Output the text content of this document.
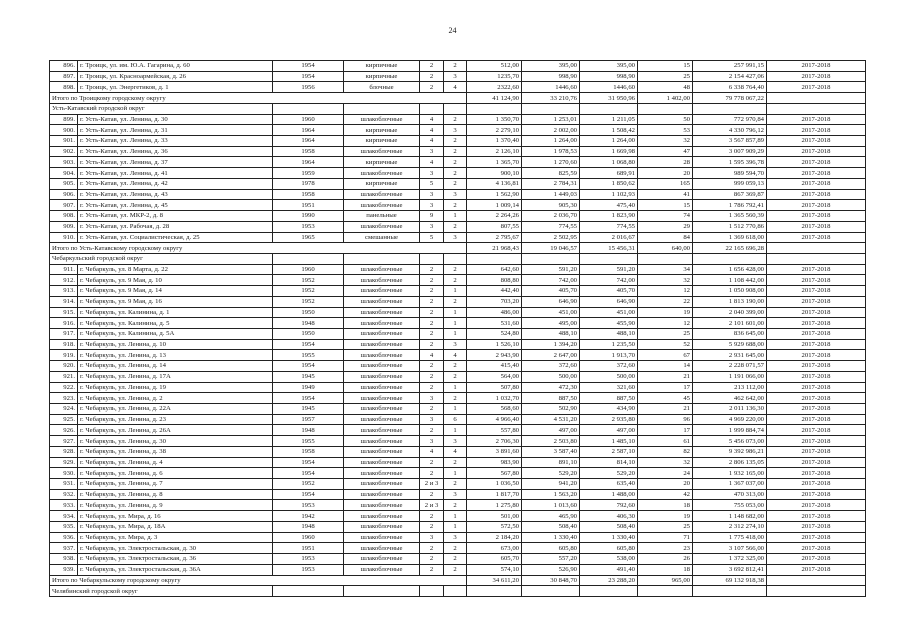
24
896.	г. Троицк, ул. им. Ю.А. Гагарина, д. 60	1954	кирпичные	2	2	512,00	395,00	395,00	15	257 991,15	2017-2018
897.	г. Троицк, ул. Красноармейская, д. 26	1954	кирпичные	2	3	1235,70	998,90	998,90	25	2 154 427,06	2017-2018
898.	г. Троицк, ул. Энергетиков, д. 1	1956	блочные	2	4	2322,60	1446,60	1446,60	48	6 338 764,40	2017-2018
Итого по Троицкому городскому округу						41 124,90	33 210,76	31 950,96	1 402,00	79 778 067,22	
Усть-Катавский городской округ											
899.	г. Усть-Катав, ул. Ленина, д. 30	1960	шлакоблочные	4	2	1 350,70	1 253,01	1 211,05	50	772 970,84	2017-2018
900.	г. Усть-Катав, ул. Ленина, д. 31	1964	кирпичные	4	3	2 279,10	2 002,00	1 508,42	53	4 330 796,12	2017-2018
901.	г. Усть-Катав, ул. Ленина, д. 33	1964	кирпичные	4	2	1 370,40	1 264,00	1 264,00	32	3 567 857,89	2017-2018
902.	г. Усть-Катав, ул. Ленина, д. 36	1958	шлакоблочные	3	2	2 126,10	1 978,53	1 669,98	47	3 007 909,29	2017-2018
903.	г. Усть-Катав, ул. Ленина, д. 37	1964	кирпичные	4	2	1 365,70	1 270,60	1 068,80	28	1 595 396,78	2017-2018
904.	г. Усть-Катав, ул. Ленина, д. 41	1959	шлакоблочные	3	2	900,10	825,59	689,91	20	989 594,70	2017-2018
905.	г. Усть-Катав, ул. Ленина, д. 42	1978	кирпичные	5	2	4 136,81	2 784,31	1 850,62	165	999 059,13	2017-2018
906.	г. Усть-Катав, ул. Ленина, д. 43	1958	шлакоблочные	3	3	1 562,90	1 449,03	1 102,93	41	867 369,87	2017-2018
907.	г. Усть-Катав, ул. Ленина, д. 45	1951	шлакоблочные	3	2	1 009,14	905,30	475,40	15	1 786 792,41	2017-2018
908.	г. Усть-Катав, ул. МКР-2, д. 8	1990	панельные	9	1	2 264,26	2 036,70	1 823,90	74	1 365 560,39	2017-2018
909.	г. Усть-Катав, ул. Рабочая, д. 28	1953	шлакоблочные	3	2	807,55	774,55	774,55	29	1 512 770,86	2017-2018
910.	г. Усть-Катав, ул. Социалистическая, д. 25	1965	смешанные	5	3	2 795,67	2 502,95	2 016,67	84	1 369 618,00	2017-2018
Итого по Усть-Катавскому городскому округу						21 968,43	19 046,57	15 456,31	640,00	22 165 696,28	
Чебаркульский городской округ											
911.	г. Чебаркуль, ул. 8 Марта, д. 22	1960	шлакоблочные	2	2	642,60	591,20	591,20	34	1 656 428,00	2017-2018
912.	г. Чебаркуль, ул. 9 Мая, д. 10	1952	шлакоблочные	2	2	808,80	742,00	742,00	32	1 108 442,00	2017-2018
913.	г. Чебаркуль, ул. 9 Мая, д. 14	1952	шлакоблочные	2	1	442,40	405,70	405,70	12	1 050 908,00	2017-2018
914.	г. Чебаркуль, ул. 9 Мая, д. 16	1952	шлакоблочные	2	2	703,20	646,90	646,90	22	1 813 190,00	2017-2018
915.	г. Чебаркуль, ул. Калинина, д. 1	1950	шлакоблочные	2	1	486,00	451,00	451,00	19	2 040 399,00	2017-2018
916.	г. Чебаркуль, ул. Калинина, д. 5	1948	шлакоблочные	2	1	531,60	495,00	455,90	12	2 101 601,00	2017-2018
917.	г. Чебаркуль, ул. Калинина, д. 5А	1950	шлакоблочные	2	1	524,80	488,10	488,10	25	836 645,00	2017-2018
918.	г. Чебаркуль, ул. Ленина, д. 10	1954	шлакоблочные	2	3	1 526,10	1 394,20	1 235,50	52	5 929 688,00	2017-2018
919.	г. Чебаркуль, ул. Ленина, д. 13	1955	шлакоблочные	4	4	2 943,90	2 647,00	1 913,70	67	2 931 645,00	2017-2018
920.	г. Чебаркуль, ул. Ленина, д. 14	1954	шлакоблочные	2	2	415,40	372,60	372,60	14	2 228 071,57	2017-2018
921.	г. Чебаркуль, ул. Ленина, д. 17А	1945	шлакоблочные	2	2	564,00	500,00	500,00	21	1 191 066,00	2017-2018
922.	г. Чебаркуль, ул. Ленина, д. 19	1949	шлакоблочные	2	1	507,80	472,30	321,60	17	213 112,00	2017-2018
923.	г. Чебаркуль, ул. Ленина, д. 2	1954	шлакоблочные	3	2	1 032,70	887,50	887,50	45	462 642,00	2017-2018
924.	г. Чебаркуль, ул. Ленина, д. 22А	1945	шлакоблочные	2	1	568,60	502,90	434,90	21	2 011 136,30	2017-2018
925.	г. Чебаркуль, ул. Ленина, д. 23	1957	шлакоблочные	3	6	4 966,40	4 531,20	2 935,80	96	4 969 220,00	2017-2018
926.	г. Чебаркуль, ул. Ленина, д. 26А	1948	шлакоблочные	2	1	557,80	497,00	497,00	17	1 999 884,74	2017-2018
927.	г. Чебаркуль, ул. Ленина, д. 30	1955	шлакоблочные	3	3	2 706,30	2 503,80	1 485,10	61	5 456 073,00	2017-2018
928.	г. Чебаркуль, ул. Ленина, д. 38	1958	шлакоблочные	4	4	3 891,60	3 587,40	2 587,10	82	9 392 986,21	2017-2018
929.	г. Чебаркуль, ул. Ленина, д. 4	1954	шлакоблочные	2	2	983,90	891,10	814,10	32	2 806 135,05	2017-2018
930.	г. Чебаркуль, ул. Ленина, д. 6	1954	шлакоблочные	2	1	567,80	529,20	529,20	24	1 932 165,00	2017-2018
931.	г. Чебаркуль, ул. Ленина, д. 7	1952	шлакоблочные	2 и 3	2	1 036,50	941,20	635,40	20	1 367 037,00	2017-2018
932.	г. Чебаркуль, ул. Ленина, д. 8	1954	шлакоблочные	2	3	1 817,70	1 563,20	1 488,00	42	470 313,00	2017-2018
933.	г. Чебаркуль, ул. Ленина, д. 9	1953	шлакоблочные	2 и 3	2	1 275,80	1 013,60	792,60	18	755 053,00	2017-2018
934.	г. Чебаркуль, ул. Мира, д. 16	1942	шлакоблочные	2	1	501,00	465,90	406,30	19	1 148 682,00	2017-2018
935.	г. Чебаркуль, ул. Мира, д. 18А	1948	шлакоблочные	2	1	572,50	508,40	508,40	25	2 312 274,10	2017-2018
936.	г. Чебаркуль, ул. Мира, д. 3	1960	шлакоблочные	3	3	2 184,20	1 330,40	1 330,40	71	1 775 418,00	2017-2018
937.	г. Чебаркуль, ул. Электростальская, д. 30	1951	шлакоблочные	2	2	673,00	605,80	605,80	23	3 107 566,00	2017-2018
938.	г. Чебаркуль, ул. Электростальская, д. 36	1953	шлакоблочные	2	2	605,70	557,20	538,00	26	1 372 325,00	2017-2018
939.	г. Чебаркуль, ул. Электростальская, д. 36А	1953	шлакоблочные	2	2	574,10	526,90	491,40	18	3 692 812,41	2017-2018
Итого по Чебаркульскому городскому округу						34 611,20	30 848,70	23 288,20	965,00	69 132 918,38	
Челябинский городской округ											
